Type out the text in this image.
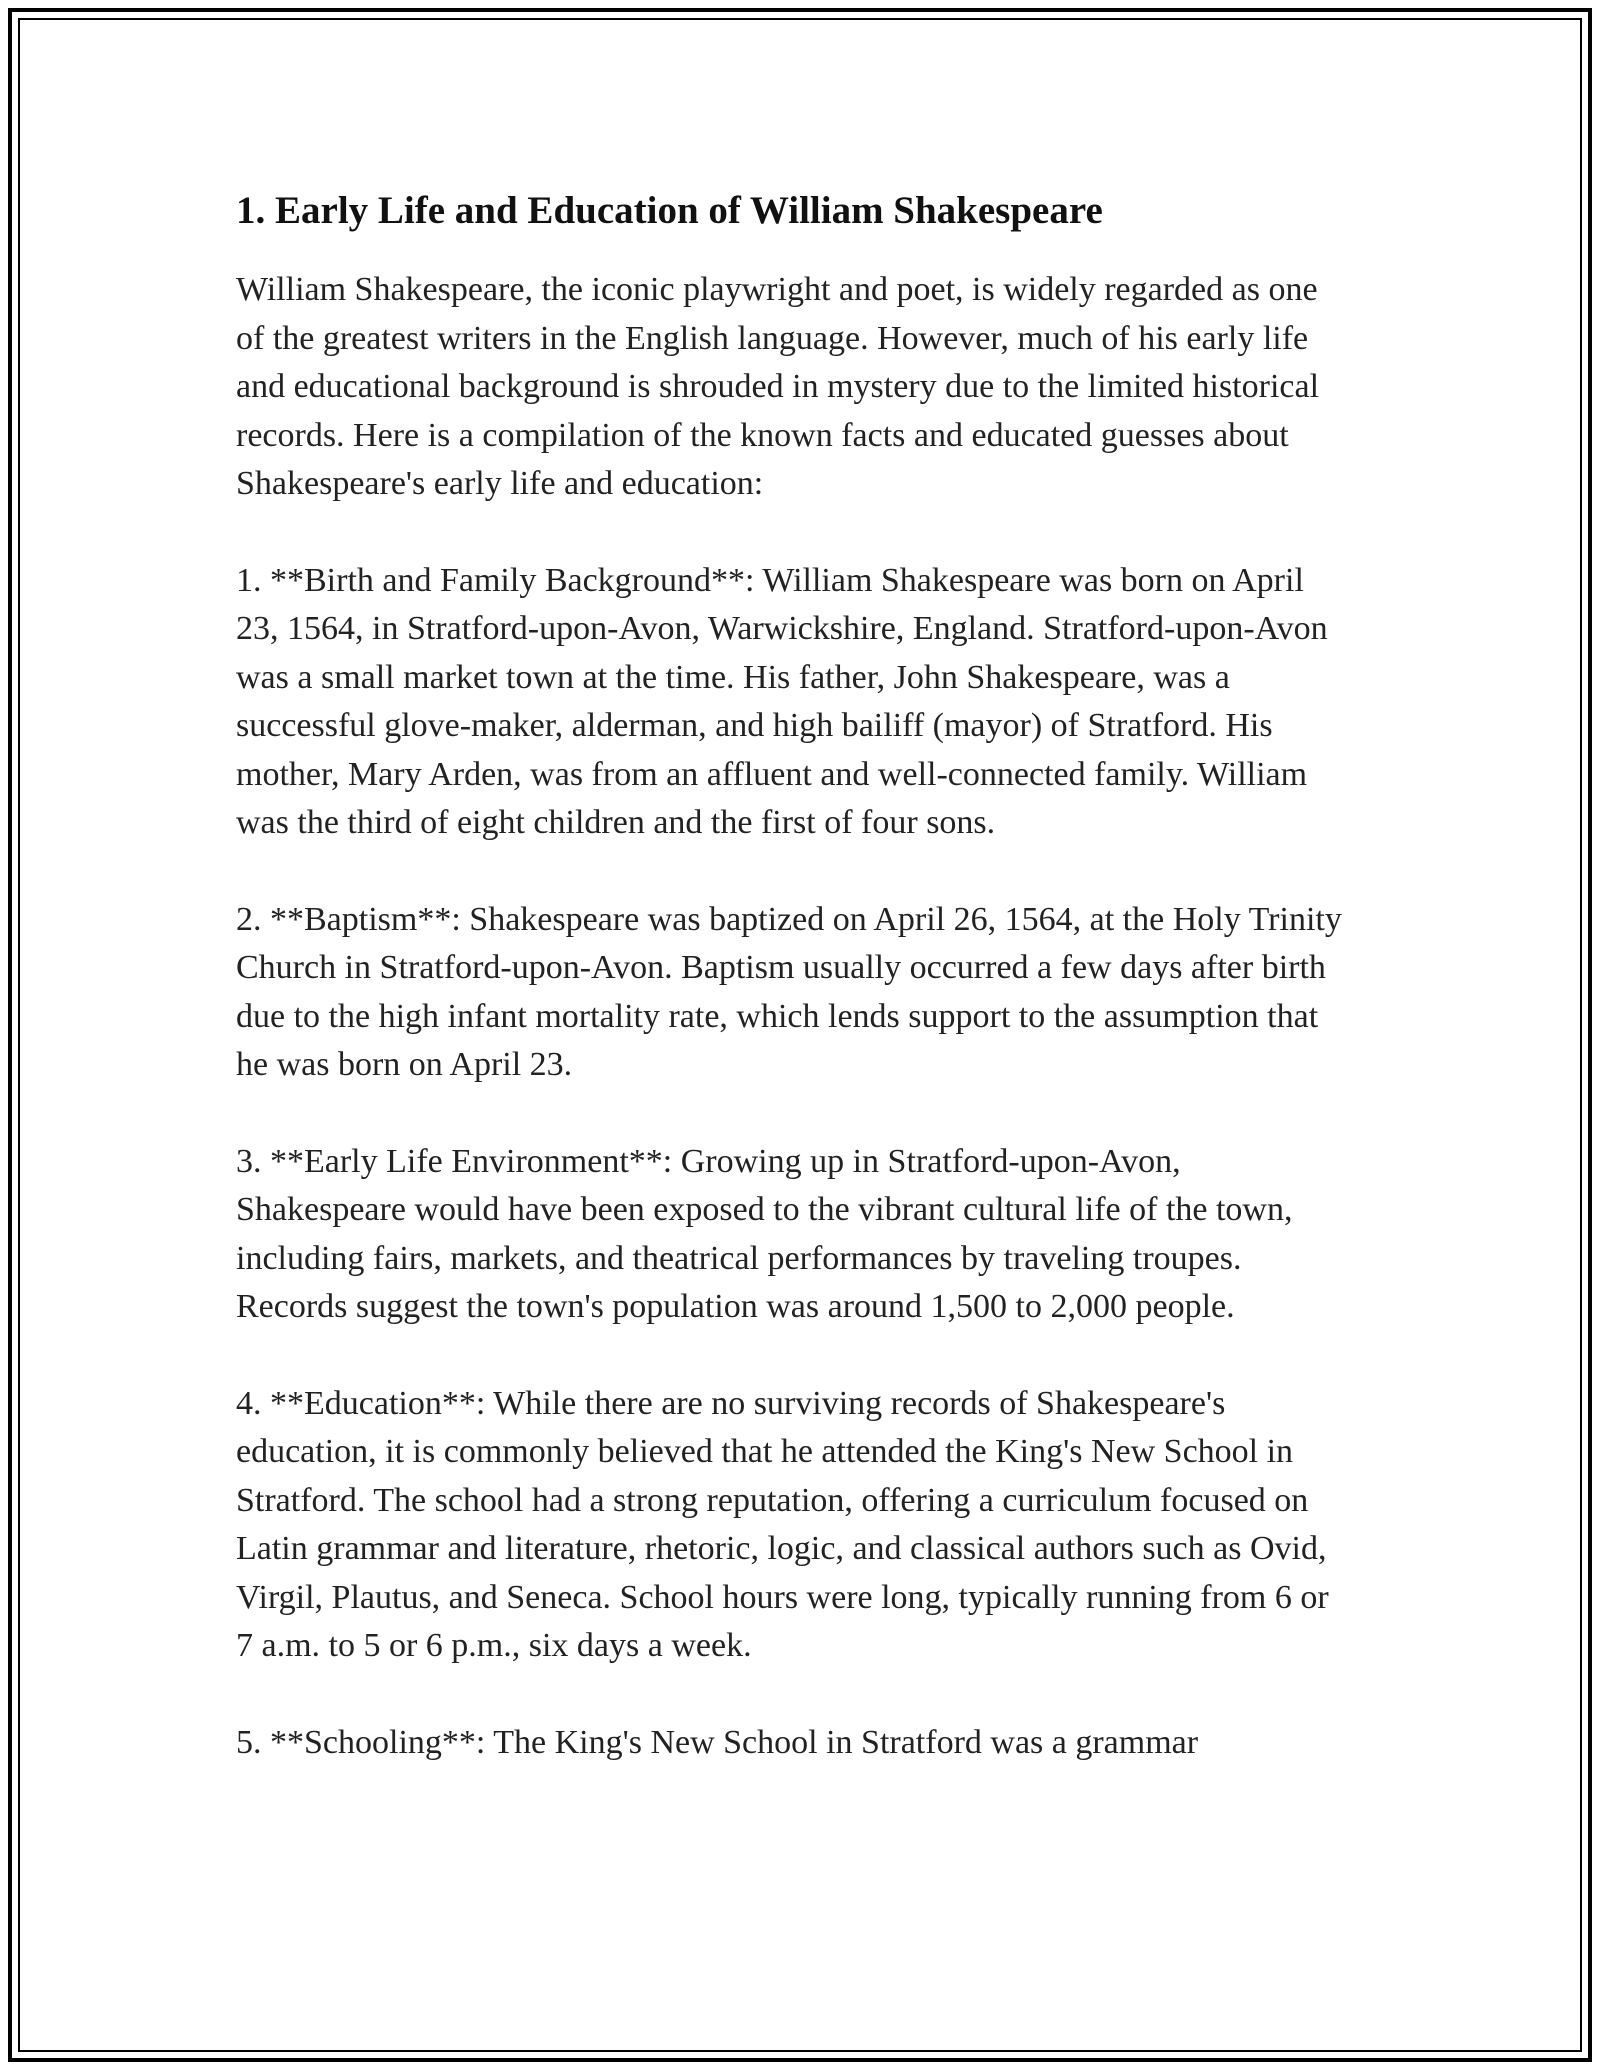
1. Early Life and Education of William Shakespeare

William Shakespeare, the iconic playwright and poet, is widely regarded as one of the greatest writers in the English language. However, much of his early life and educational background is shrouded in mystery due to the limited historical records. Here is a compilation of the known facts and educated guesses about Shakespeare's early life and education:

1. **Birth and Family Background**: William Shakespeare was born on April 23, 1564, in Stratford-upon-Avon, Warwickshire, England. Stratford-upon-Avon was a small market town at the time. His father, John Shakespeare, was a successful glove-maker, alderman, and high bailiff (mayor) of Stratford. His mother, Mary Arden, was from an affluent and well-connected family. William was the third of eight children and the first of four sons.

2. **Baptism**: Shakespeare was baptized on April 26, 1564, at the Holy Trinity Church in Stratford-upon-Avon. Baptism usually occurred a few days after birth due to the high infant mortality rate, which lends support to the assumption that he was born on April 23.

3. **Early Life Environment**: Growing up in Stratford-upon-Avon, Shakespeare would have been exposed to the vibrant cultural life of the town, including fairs, markets, and theatrical performances by traveling troupes. Records suggest the town's population was around 1,500 to 2,000 people.

4. **Education**: While there are no surviving records of Shakespeare's education, it is commonly believed that he attended the King's New School in Stratford. The school had a strong reputation, offering a curriculum focused on Latin grammar and literature, rhetoric, logic, and classical authors such as Ovid, Virgil, Plautus, and Seneca. School hours were long, typically running from 6 or 7 a.m. to 5 or 6 p.m., six days a week.

5. **Schooling**: The King's New School in Stratford was a grammar
